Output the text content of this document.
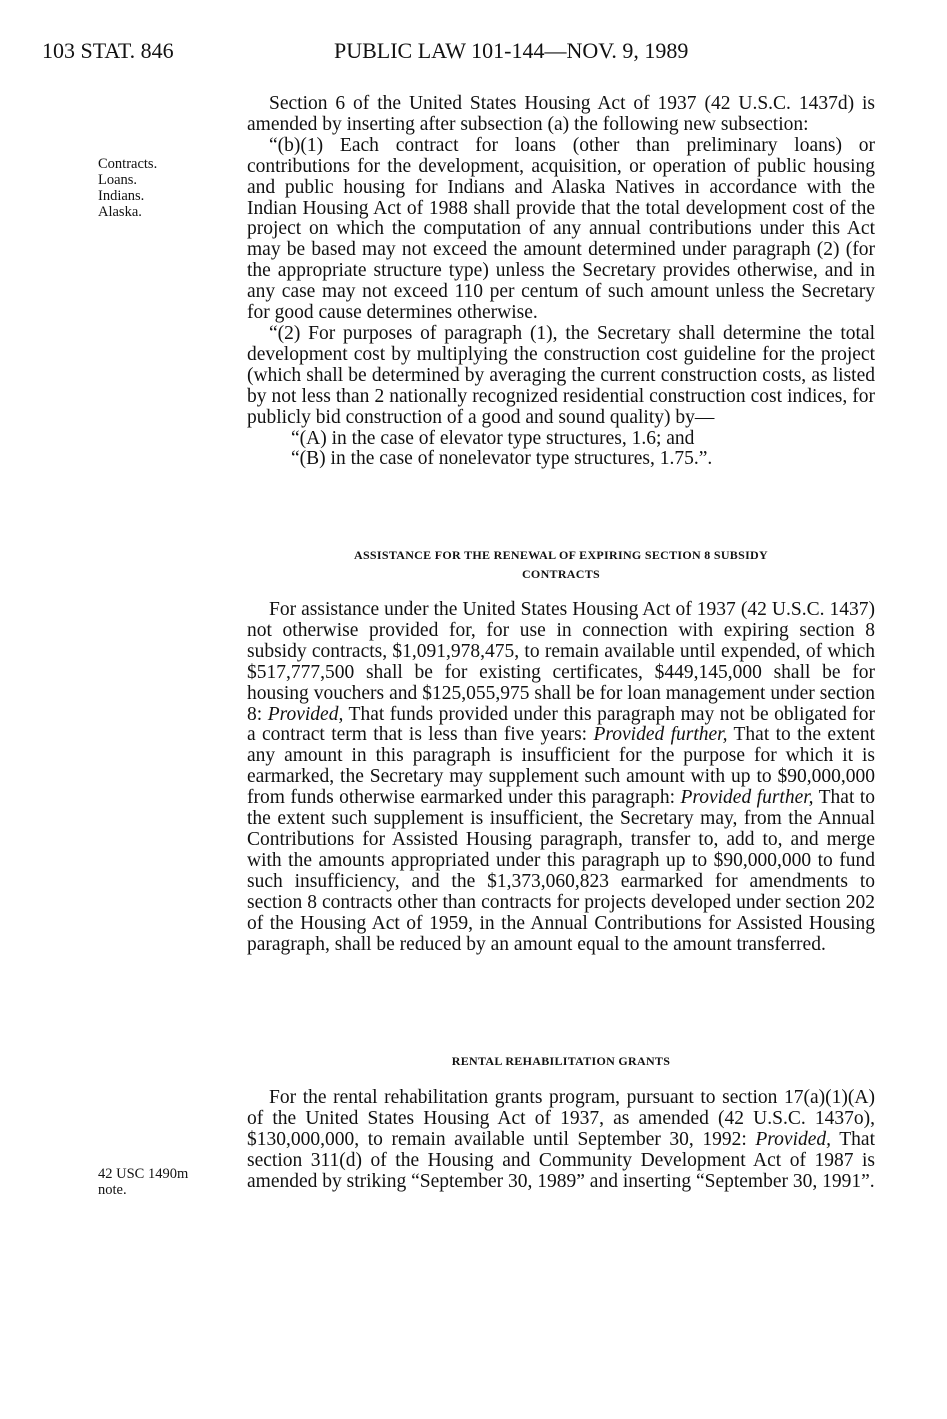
103 STAT. 846	PUBLIC LAW 101-144—NOV. 9, 1989
Contracts.
Loans.
Indians.
Alaska.

Section 6 of the United States Housing Act of 1937 (42 U.S.C. 1437d) is amended by inserting after subsection (a) the following new subsection:

“(b)(1) Each contract for loans (other than preliminary loans) or contributions for the development, acquisition, or operation of public housing and public housing for Indians and Alaska Natives in accordance with the Indian Housing Act of 1988 shall provide that the total development cost of the project on which the computation of any annual contributions under this Act may be based may not exceed the amount determined under paragraph (2) (for the appropriate structure type) unless the Secretary provides otherwise, and in any case may not exceed 110 per centum of such amount unless the Secretary for good cause determines otherwise.

“(2) For purposes of paragraph (1), the Secretary shall determine the total development cost by multiplying the construction cost guideline for the project (which shall be determined by averaging the current construction costs, as listed by not less than 2 nationally recognized residential construction cost indices, for publicly bid construction of a good and sound quality) by—

“(A) in the case of elevator type structures, 1.6; and

“(B) in the case of nonelevator type structures, 1.75.”.

ASSISTANCE FOR THE RENEWAL OF EXPIRING SECTION 8 SUBSIDY
CONTRACTS

For assistance under the United States Housing Act of 1937 (42 U.S.C. 1437) not otherwise provided for, for use in connection with expiring section 8 subsidy contracts, $1,091,978,475, to remain available until expended, of which $517,777,500 shall be for existing certificates, $449,145,000 shall be for housing vouchers and $125,055,975 shall be for loan management under section 8: Provided, That funds provided under this paragraph may not be obligated for a contract term that is less than five years: Provided further, That to the extent any amount in this paragraph is insufficient for the purpose for which it is earmarked, the Secretary may supplement such amount with up to $90,000,000 from funds otherwise earmarked under this paragraph: Provided further, That to the extent such supplement is insufficient, the Secretary may, from the Annual Contributions for Assisted Housing paragraph, transfer to, add to, and merge with the amounts appropriated under this paragraph up to $90,000,000 to fund such insufficiency, and the $1,373,060,823 earmarked for amendments to section 8 contracts other than contracts for projects developed under section 202 of the Housing Act of 1959, in the Annual Contributions for Assisted Housing paragraph, shall be reduced by an amount equal to the amount transferred.

RENTAL REHABILITATION GRANTS

For the rental rehabilitation grants program, pursuant to section 17(a)(1)(A) of the United States Housing Act of 1937, as amended (42 U.S.C. 1437o), $130,000,000, to remain available until September 30, 1992: Provided, That section 311(d) of the Housing and Community Development Act of 1987 is amended by striking “September 30, 1989” and inserting “September 30, 1991”.

42 USC 1490m
note.
